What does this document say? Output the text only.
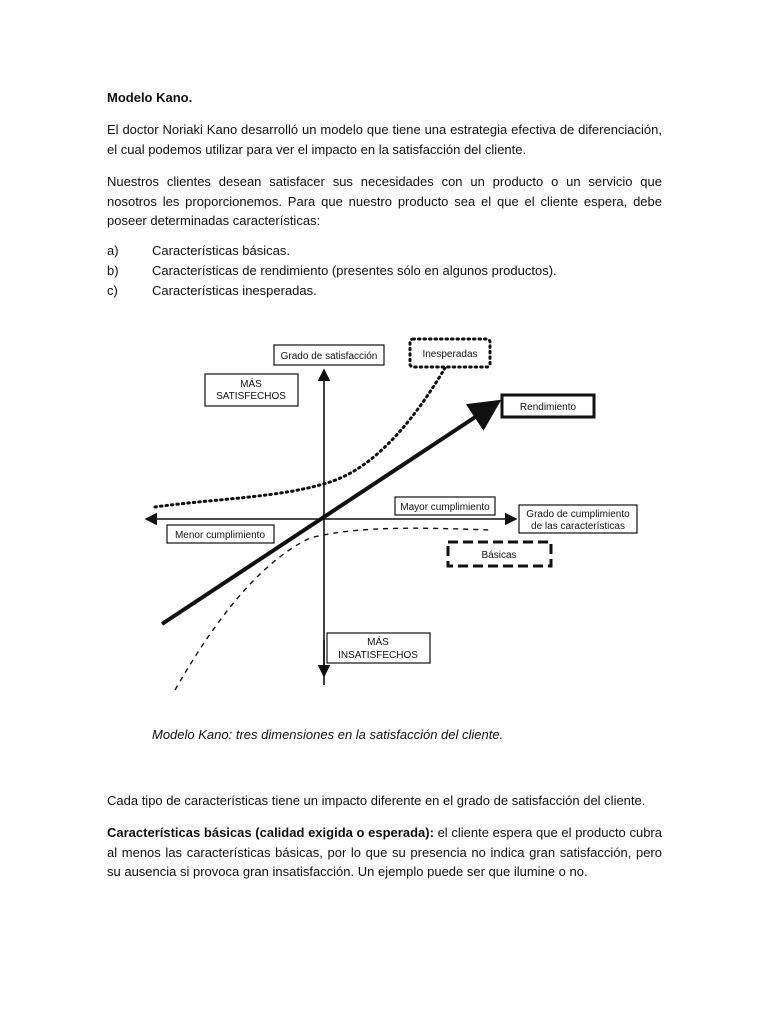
Modelo Kano.

El doctor Noriaki Kano desarrolló un modelo que tiene una estrategia efectiva de diferenciación, el cual podemos utilizar para ver el impacto en la satisfacción del cliente.

Nuestros clientes desean satisfacer sus necesidades con un producto o un servicio que nosotros les proporcionemos. Para que nuestro producto sea el que el cliente espera, debe poseer determinadas características:

a)	Características básicas.
b)	Características de rendimiento (presentes sólo en algunos productos).
c)	Características inesperadas.
Grado de satisfacción	Inesperadas
MÁS
SATISFECHOS
Rendimiento
Mayor cumplimiento
Grado de cumplimiento
de las características
Menor cumplimiento
Básicas
MÁS
INSATISFECHOS
Modelo Kano: tres dimensiones en la satisfacción del cliente.

Cada tipo de características tiene un impacto diferente en el grado de satisfacción del cliente.

Características básicas (calidad exigida o esperada): el cliente espera que el producto cubra al menos las características básicas, por lo que su presencia no indica gran satisfacción, pero su ausencia si provoca gran insatisfacción. Un ejemplo puede ser que ilumine o no.
